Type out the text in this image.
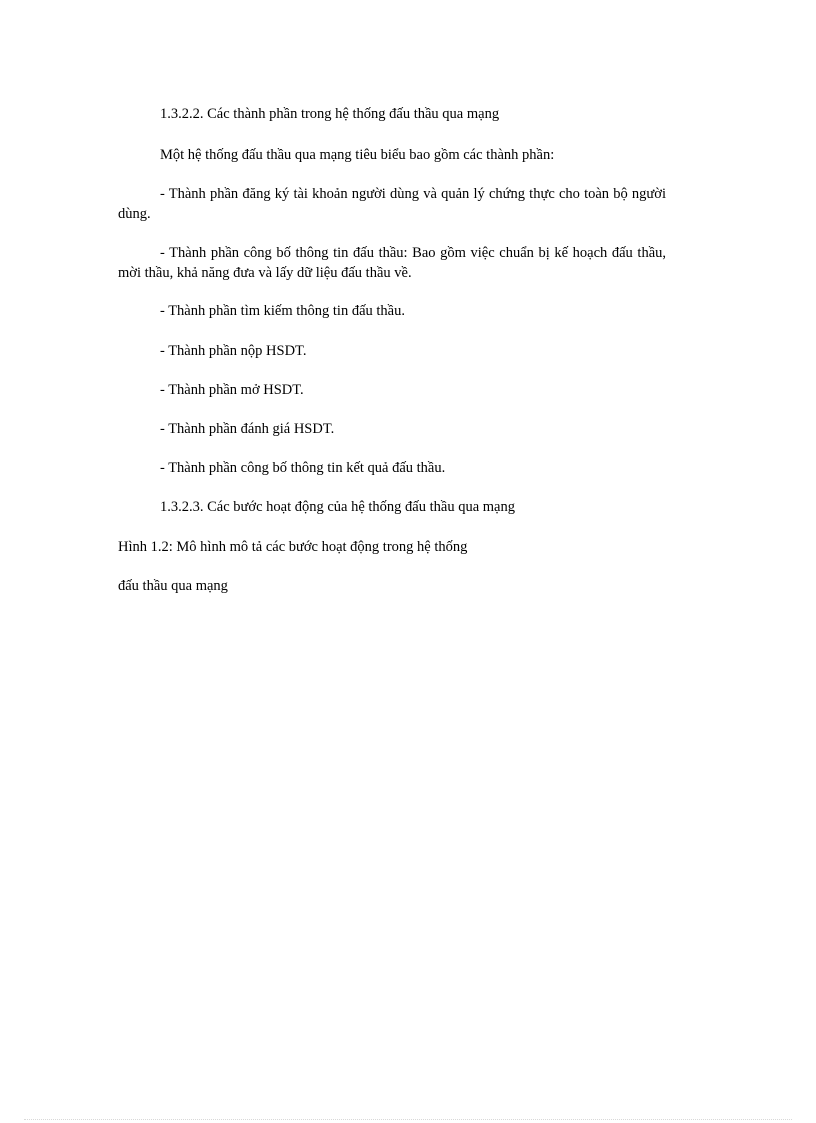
1.3.2.2. Các thành phần trong hệ thống đấu thầu qua mạng

Một hệ thống đấu thầu qua mạng tiêu biểu bao gồm các thành phần:

- Thành phần đăng ký tài khoản người dùng và quản lý chứng thực cho toàn bộ người dùng.

- Thành phần công bố thông tin đấu thầu: Bao gồm việc chuẩn bị kế hoạch đấu thầu, mời thầu, khả năng đưa và lấy dữ liệu đấu thầu về.

- Thành phần tìm kiếm thông tin đấu thầu.

- Thành phần nộp HSDT.

- Thành phần mở HSDT.

- Thành phần đánh giá HSDT.

- Thành phần công bố thông tin kết quả đấu thầu.

1.3.2.3. Các bước hoạt động của hệ thống đấu thầu qua mạng

Hình 1.2: Mô hình mô tả các bước hoạt động trong hệ thống

đấu thầu qua mạng
